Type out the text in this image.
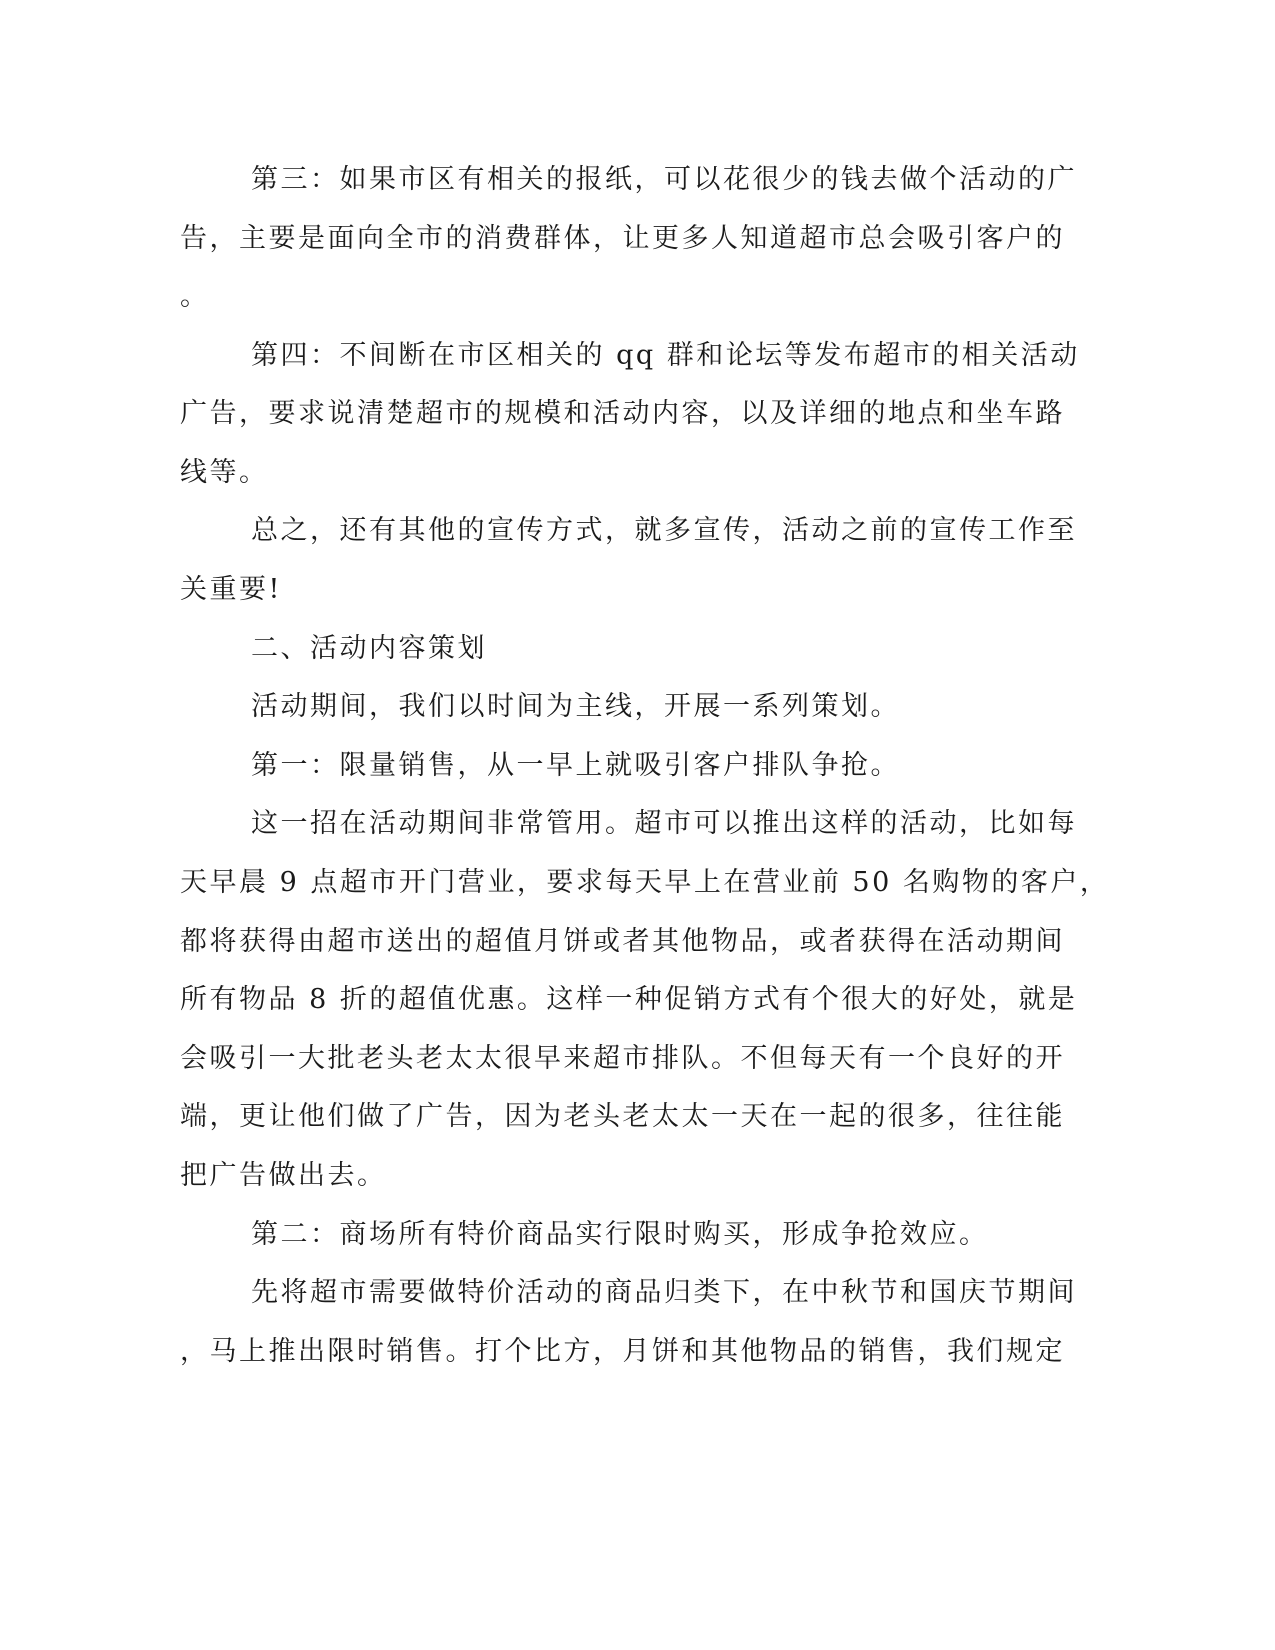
第三：如果市区有相关的报纸，可以花很少的钱去做个活动的广
告，主要是面向全市的消费群体，让更多人知道超市总会吸引客户的
。
第四：不间断在市区相关的 qq 群和论坛等发布超市的相关活动
广告，要求说清楚超市的规模和活动内容，以及详细的地点和坐车路
线等。
总之，还有其他的宣传方式，就多宣传，活动之前的宣传工作至
关重要!
二、活动内容策划
活动期间，我们以时间为主线，开展一系列策划。
第一：限量销售，从一早上就吸引客户排队争抢。
这一招在活动期间非常管用。超市可以推出这样的活动，比如每
天早晨 9 点超市开门营业，要求每天早上在营业前 50 名购物的客户，
都将获得由超市送出的超值月饼或者其他物品，或者获得在活动期间
所有物品 8 折的超值优惠。这样一种促销方式有个很大的好处，就是
会吸引一大批老头老太太很早来超市排队。不但每天有一个良好的开
端，更让他们做了广告，因为老头老太太一天在一起的很多，往往能
把广告做出去。
第二：商场所有特价商品实行限时购买，形成争抢效应。
先将超市需要做特价活动的商品归类下，在中秋节和国庆节期间
，马上推出限时销售。打个比方，月饼和其他物品的销售，我们规定
